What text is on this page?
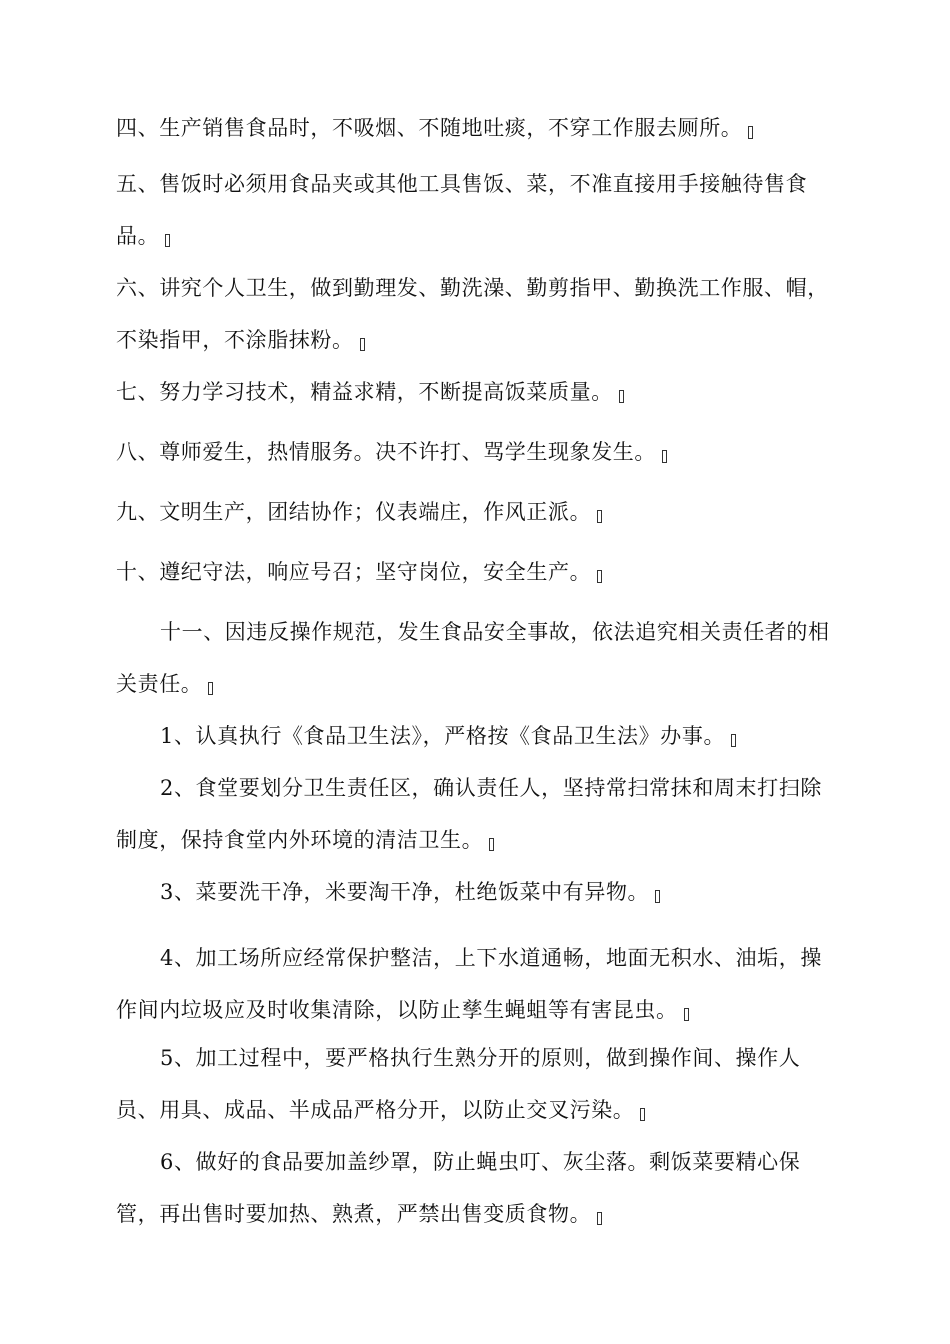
四、生产销售食品时，不吸烟、不随地吐痰，不穿工作服去厕所。

五、售饭时必须用食品夹或其他工具售饭、菜，不准直接用手接触待售食品。

六、讲究个人卫生，做到勤理发、勤洗澡、勤剪指甲、勤换洗工作服、帽，不染指甲，不涂脂抹粉。

七、努力学习技术，精益求精，不断提高饭菜质量。

八、尊师爱生，热情服务。决不许打、骂学生现象发生。

九、文明生产，团结协作；仪表端庄，作风正派。

十、遵纪守法，响应号召；坚守岗位，安全生产。

十一、因违反操作规范，发生食品安全事故，依法追究相关责任者的相关责任。

1、认真执行《食品卫生法》，严格按《食品卫生法》办事。

2、食堂要划分卫生责任区，确认责任人，坚持常扫常抹和周末打扫除制度，保持食堂内外环境的清洁卫生。

3、菜要洗干净，米要淘干净，杜绝饭菜中有异物。

4、加工场所应经常保护整洁，上下水道通畅，地面无积水、油垢，操作间内垃圾应及时收集清除，以防止孳生蝇蛆等有害昆虫。

5、加工过程中，要严格执行生熟分开的原则，做到操作间、操作人员、用具、成品、半成品严格分开，以防止交叉污染。

6、做好的食品要加盖纱罩，防止蝇虫叮、灰尘落。剩饭菜要精心保管，再出售时要加热、熟煮，严禁出售变质食物。
